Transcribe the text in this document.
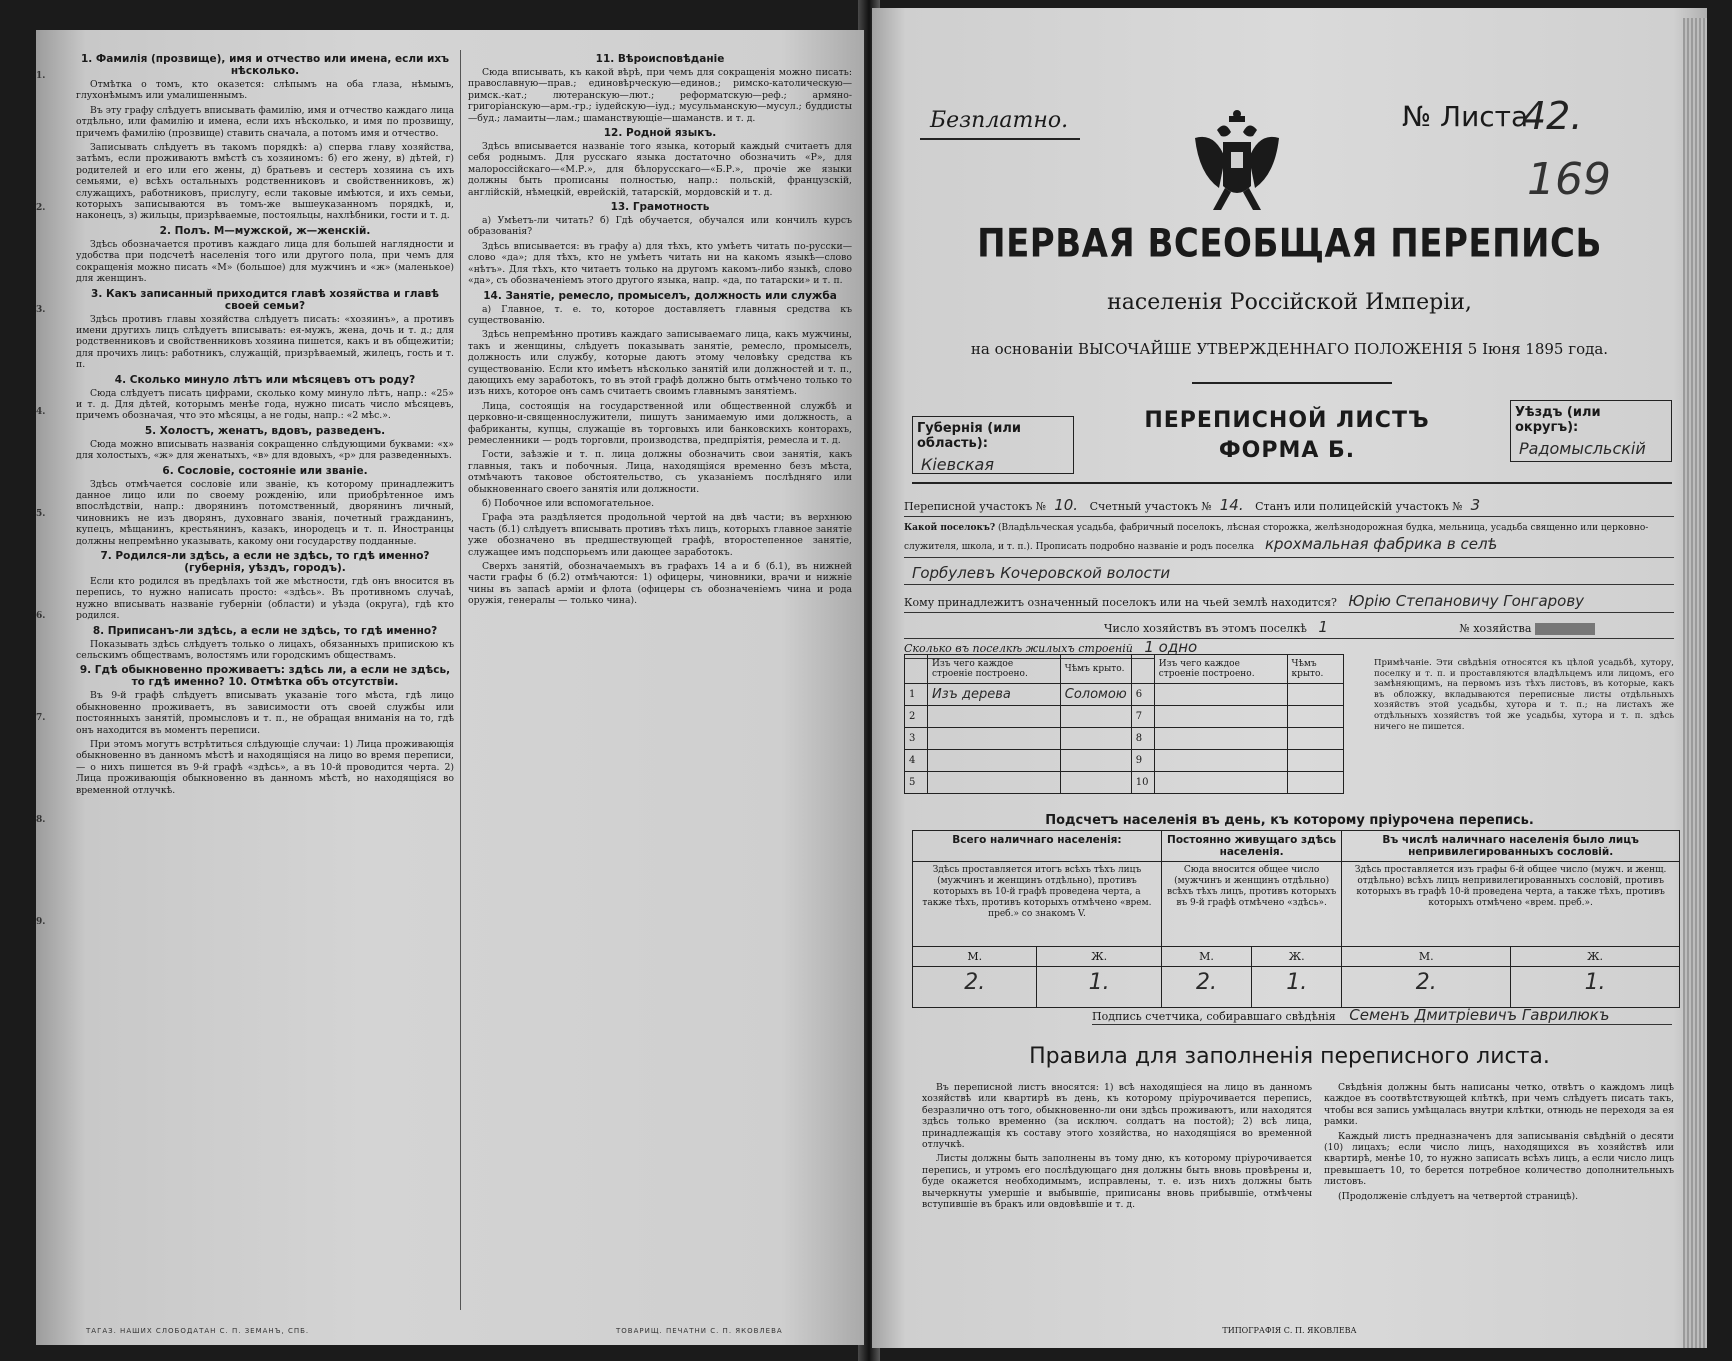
1.
2.
3.
4.
5.
6.
7.
8.
9.
1. Фамилія (прозвище), имя и отчество или имена, если ихъ нѣсколько.

Отмѣтка о томъ, кто оказется: слѣпымъ на оба глаза, нѣмымъ, глухонѣмымъ или умалишеннымъ.

Въ эту графу слѣдуетъ вписывать фамилію, имя и отчество каждаго лица отдѣльно, или фамилію и имена, если ихъ нѣсколько, и имя по прозвищу, причемъ фамилію (прозвище) ставить сначала, а потомъ имя и отчество.

Записывать слѣдуетъ въ такомъ порядкѣ: а) сперва главу хозяйства, затѣмъ, если проживаютъ вмѣстѣ съ хозяиномъ: б) его жену, в) дѣтей, г) родителей и его или его жены, д) братьевъ и сестеръ хозяина съ ихъ семьями, е) всѣхъ остальныхъ родственниковъ и свойственниковъ, ж) служащихъ, работниковъ, прислугу, если таковые имѣются, и ихъ семьи, которыхъ записываются въ томъ-же вышеуказанномъ порядкѣ, и, наконецъ, з) жильцы, призрѣваемые, постояльцы, нахлѣбники, гости и т. д.

2. Полъ. М—мужской, ж—женскій.

Здѣсь обозначается противъ каждаго лица для большей наглядности и удобства при подсчетѣ населенія того или другого пола, при чемъ для сокращенія можно писать «М» (большое) для мужчинъ и «ж» (маленькое) для женщинъ.

3. Какъ записанный приходится главѣ хозяйства и главѣ своей семьи?

Здѣсь противъ главы хозяйства слѣдуетъ писать: «хозяинъ», а противъ имени другихъ лицъ слѣдуетъ вписывать: ея-мужъ, жена, дочь и т. д.; для родственниковъ и свойственниковъ хозяина пишется, какъ и въ общежитіи; для прочихъ лицъ: работникъ, служащій, призрѣваемый, жилецъ, гость и т. п.

4. Сколько минуло лѣтъ или мѣсяцевъ отъ роду?

Сюда слѣдуетъ писать цифрами, сколько кому минуло лѣтъ, напр.: «25» и т. д. Для дѣтей, которымъ менѣе года, нужно писать число мѣсяцевъ, причемъ обозначая, что это мѣсяцы, а не годы, напр.: «2 мѣс.».

5. Холостъ, женатъ, вдовъ, разведенъ.

Сюда можно вписывать названія сокращенно слѣдующими буквами: «х» для холостыхъ, «ж» для женатыхъ, «в» для вдовыхъ, «р» для разведенныхъ.

6. Сословіе, состояніе или званіе.

Здѣсь отмѣчается сословіе или званіе, къ которому принадлежитъ данное лицо или по своему рожденію, или приобрѣтенное имъ впослѣдствіи, напр.: дворянинъ потомственный, дворянинъ личный, чиновникъ не изъ дворянъ, духовнаго званія, почетный гражданинъ, купецъ, мѣщанинъ, крестьянинъ, казакъ, инородецъ и т. п. Иностранцы должны непремѣнно указывать, какому они государству подданные.

7. Родился-ли здѣсь, а если не здѣсь, то гдѣ именно? (губернія, уѣздъ, городъ).

Если кто родился въ предѣлахъ той же мѣстности, гдѣ онъ вносится въ перепись, то нужно написать просто: «здѣсь». Въ противномъ случаѣ, нужно вписывать названіе губерніи (области) и уѣзда (округа), гдѣ кто родился.

8. Приписанъ-ли здѣсь, а если не здѣсь, то гдѣ именно?

Показывать здѣсь слѣдуетъ только о лицахъ, обязанныхъ припискою къ сельскимъ обществамъ, волостямъ или городскимъ обществамъ.

9. Гдѣ обыкновенно проживаетъ: здѣсь ли, а если не здѣсь, то гдѣ именно? 10. Отмѣтка объ отсутствіи.

Въ 9-й графѣ слѣдуетъ вписывать указаніе того мѣста, гдѣ лицо обыкновенно проживаетъ, въ зависимости отъ своей службы или постоянныхъ занятій, промысловъ и т. п., не обращая вниманія на то, гдѣ онъ находится въ моментъ переписи.

При этомъ могутъ встрѣтиться слѣдующіе случаи: 1) Лица проживающія обыкновенно въ данномъ мѣстѣ и находящіяся на лицо во время переписи, — о нихъ пишется въ 9-й графѣ «здѣсь», а въ 10-й проводится черта. 2) Лица проживающія обыкновенно въ данномъ мѣстѣ, но находящіяся во временной отлучкѣ.

11. Вѣроисповѣданіе

Сюда вписывать, къ какой вѣрѣ, при чемъ для сокращенія можно писать: православную—прав.; единовѣрческую—единов.; римско-католическую—римск.-кат.; лютеранскую—лют.; реформатскую—реф.; армяно-григоріанскую—арм.-гр.; іудейскую—іуд.; мусульманскую—мусул.; буддисты—буд.; ламаиты—лам.; шаманствующіе—шаманств. и т. д.

12. Родной языкъ.

Здѣсь вписывается названіе того языка, который каждый считаетъ для себя роднымъ. Для русскаго языка достаточно обозначить «Р», для малороссійскаго—«М.Р.», для бѣлорусскаго—«Б.Р.», прочіе же языки должны быть прописаны полностью, напр.: польскій, французскій, англійскій, нѣмецкій, еврейскій, татарскій, мордовскій и т. д.

13. Грамотность

а) Умѣетъ-ли читать? б) Гдѣ обучается, обучался или кончилъ курсъ образованія?

Здѣсь вписывается: въ графу а) для тѣхъ, кто умѣетъ читать по-русски—слово «да»; для тѣхъ, кто не умѣетъ читать ни на какомъ языкѣ—слово «нѣтъ». Для тѣхъ, кто читаетъ только на другомъ какомъ-либо языкѣ, слово «да», съ обозначеніемъ этого другого языка, напр. «да, по татарски» и т. п.

14. Занятіе, ремесло, промыселъ, должность или служба

а) Главное, т. е. то, которое доставляетъ главныя средства къ существованію.

Здѣсь непремѣнно противъ каждаго записываемаго лица, какъ мужчины, такъ и женщины, слѣдуетъ показывать занятіе, ремесло, промыселъ, должность или службу, которые даютъ этому человѣку средства къ существованію. Если кто имѣетъ нѣсколько занятій или должностей и т. п., дающихъ ему заработокъ, то въ этой графѣ должно быть отмѣчено только то изъ нихъ, которое онъ самъ считаетъ своимъ главнымъ занятіемъ.

Лица, состоящія на государственной или общественной службѣ и церковно-и-священнослужители, пишутъ занимаемую ими должность, а фабриканты, купцы, служащіе въ торговыхъ или банковскихъ конторахъ, ремесленники — родъ торговли, производства, предпріятія, ремесла и т. д.

Гости, заѣзжіе и т. п. лица должны обозначить свои занятія, какъ главныя, такъ и побочныя. Лица, находящіяся временно безъ мѣста, отмѣчаютъ таковое обстоятельство, съ указаніемъ послѣдняго или обыкновеннаго своего занятія или должности.

б) Побочное или вспомогательное.

Графа эта раздѣляется продольной чертой на двѣ части; въ верхнюю часть (б.1) слѣдуетъ вписывать противъ тѣхъ лицъ, которыхъ главное занятіе уже обозначено въ предшествующей графѣ, второстепенное занятіе, служащее имъ подспорьемъ или дающее заработокъ.

Сверхъ занятій, обозначаемыхъ въ графахъ 14 а и б (б.1), въ нижней части графы б (б.2) отмѣчаются: 1) офицеры, чиновники, врачи и нижніе чины въ запасѣ арміи и флота (офицеры съ обозначеніемъ чина и рода оружія, генералы — только чина).

ТАГАЗ. НАШИХ СЛОБОДАТАН С. П. ЗЕМАНЪ, СПБ.	ТОВАРИЩ. ПЕЧАТНИ С. П. ЯКОВЛЕВА
Безплатно.	№ Листа
42.
169
ПЕРВАЯ ВСЕОБЩАЯ ПЕРЕПИСЬ
населенія Россійской Имперіи,
на основаніи ВЫСОЧАЙШЕ УТВЕРЖДЕННАГО ПОЛОЖЕНІЯ 5 Іюня 1895 года.
Губернія (или область):
Кіевская
ПЕРЕПИСНОЙ ЛИСТЪ
ФОРМА Б.
Уѣздъ (или округъ):
Радомысльскій
Переписной участокъ № 10. Счетный участокъ № 14. Станъ или полицейскій участокъ № 3
Какой поселокъ? (Владѣльческая усадьба, фабричный поселокъ, лѣсная сторожка, желѣзнодорожная будка, мельница, усадьба священно или церковно-служителя, школа, и т. п.). Прописать подробно названіе и родъ поселка крохмальная фабрика в селѣ
Горбулевъ Кочеровской волости
Кому принадлежитъ означенный поселокъ или на чьей землѣ находится? Юрію Степановичу Гонгарову
Число хозяйствъ въ этомъ поселкѣ 1	№ хозяйства
Сколько въ поселкѣ жилыхъ строеній 1 одно
	Изъ чего каждое строеніе построено.	Чѣмъ крыто.		Изъ чего каждое строеніе построено.	Чѣмъ крыто.
1	Изъ дерева	Соломою	6		
2			7		
3			8		
4			9		
5			10		
Примѣчаніе. Эти свѣдѣнія относятся къ цѣлой усадьбѣ, хутору, поселку и т. п. и проставляются владѣльцемъ или лицомъ, его замѣняющимъ, на первомъ изъ тѣхъ листовъ, въ которые, какъ въ обложку, вкладываются переписные листы отдѣльныхъ хозяйствъ этой усадьбы, хутора и т. п.; на листахъ же отдѣльныхъ хозяйствъ той же усадьбы, хутора и т. п. здѣсь ничего не пишется.
Подсчетъ населенія въ день, къ которому пріурочена перепись.
Всего наличнаго населенія:		Постоянно живущаго здѣсь населенія.		Въ числѣ наличнаго населенія было лицъ непривилегированныхъ сословій.	
Здѣсь проставляется итогъ всѣхъ тѣхъ лицъ (мужчинъ и женщинъ отдѣльно), противъ которыхъ въ 10-й графѣ проведена черта, а также тѣхъ, противъ которыхъ отмѣчено «врем. преб.» со знакомъ V.		Сюда вносится общее число (мужчинъ и женщинъ отдѣльно) всѣхъ тѣхъ лицъ, противъ которыхъ въ 9-й графѣ отмѣчено «здѣсь».		Здѣсь проставляется изъ графы 6-й общее число (мужч. и женщ. отдѣльно) всѣхъ лицъ непривилегированныхъ сословій, противъ которыхъ въ графѣ 10-й проведена черта, а также тѣхъ, противъ которыхъ отмѣчено «врем. преб.».	
М.	Ж.	М.	Ж.	М.	Ж.
2.	1.	2.	1.	2.	1.
Подпись счетчика, собиравшаго свѣдѣнія Семенъ Дмитріевичъ Гаврилюкъ
Правила для заполненія переписного листа.

Въ переписной листъ вносятся: 1) всѣ находящіеся на лицо въ данномъ хозяйствѣ или квартирѣ въ день, къ которому пріурочивается перепись, безразлично отъ того, обыкновенно-ли они здѣсь проживаютъ, или находятся здѣсь только временно (за исключ. солдатъ на постой); 2) всѣ лица, принадлежащія къ составу этого хозяйства, но находящіяся во временной отлучкѣ.

Листы должны быть заполнены въ тому дню, къ которому пріурочивается перепись, и утромъ его послѣдующаго дня должны быть вновь провѣрены и, буде окажется необходимымъ, исправлены, т. е. изъ нихъ должны быть вычеркнуты умершіе и выбывшіе, приписаны вновь прибывшіе, отмѣчены вступившіе въ бракъ или овдовѣвшіе и т. д.

Свѣдѣнія должны быть написаны четко, отвѣтъ о каждомъ лицѣ каждое въ соотвѣтствующей клѣткѣ, при чемъ слѣдуетъ писать такъ, чтобы вся запись умѣщалась внутри клѣтки, отнюдь не переходя за ея рамки.

Каждый листъ предназначенъ для записыванія свѣдѣній о десяти (10) лицахъ; если число лицъ, находящихся въ хозяйствѣ или квартирѣ, менѣе 10, то нужно записать всѣхъ лицъ, а если число лицъ превышаетъ 10, то берется потребное количество дополнительныхъ листовъ.

(Продолженіе слѣдуетъ на четвертой страницѣ).

ТИПОГРАФІЯ С. П. ЯКОВЛЕВА
